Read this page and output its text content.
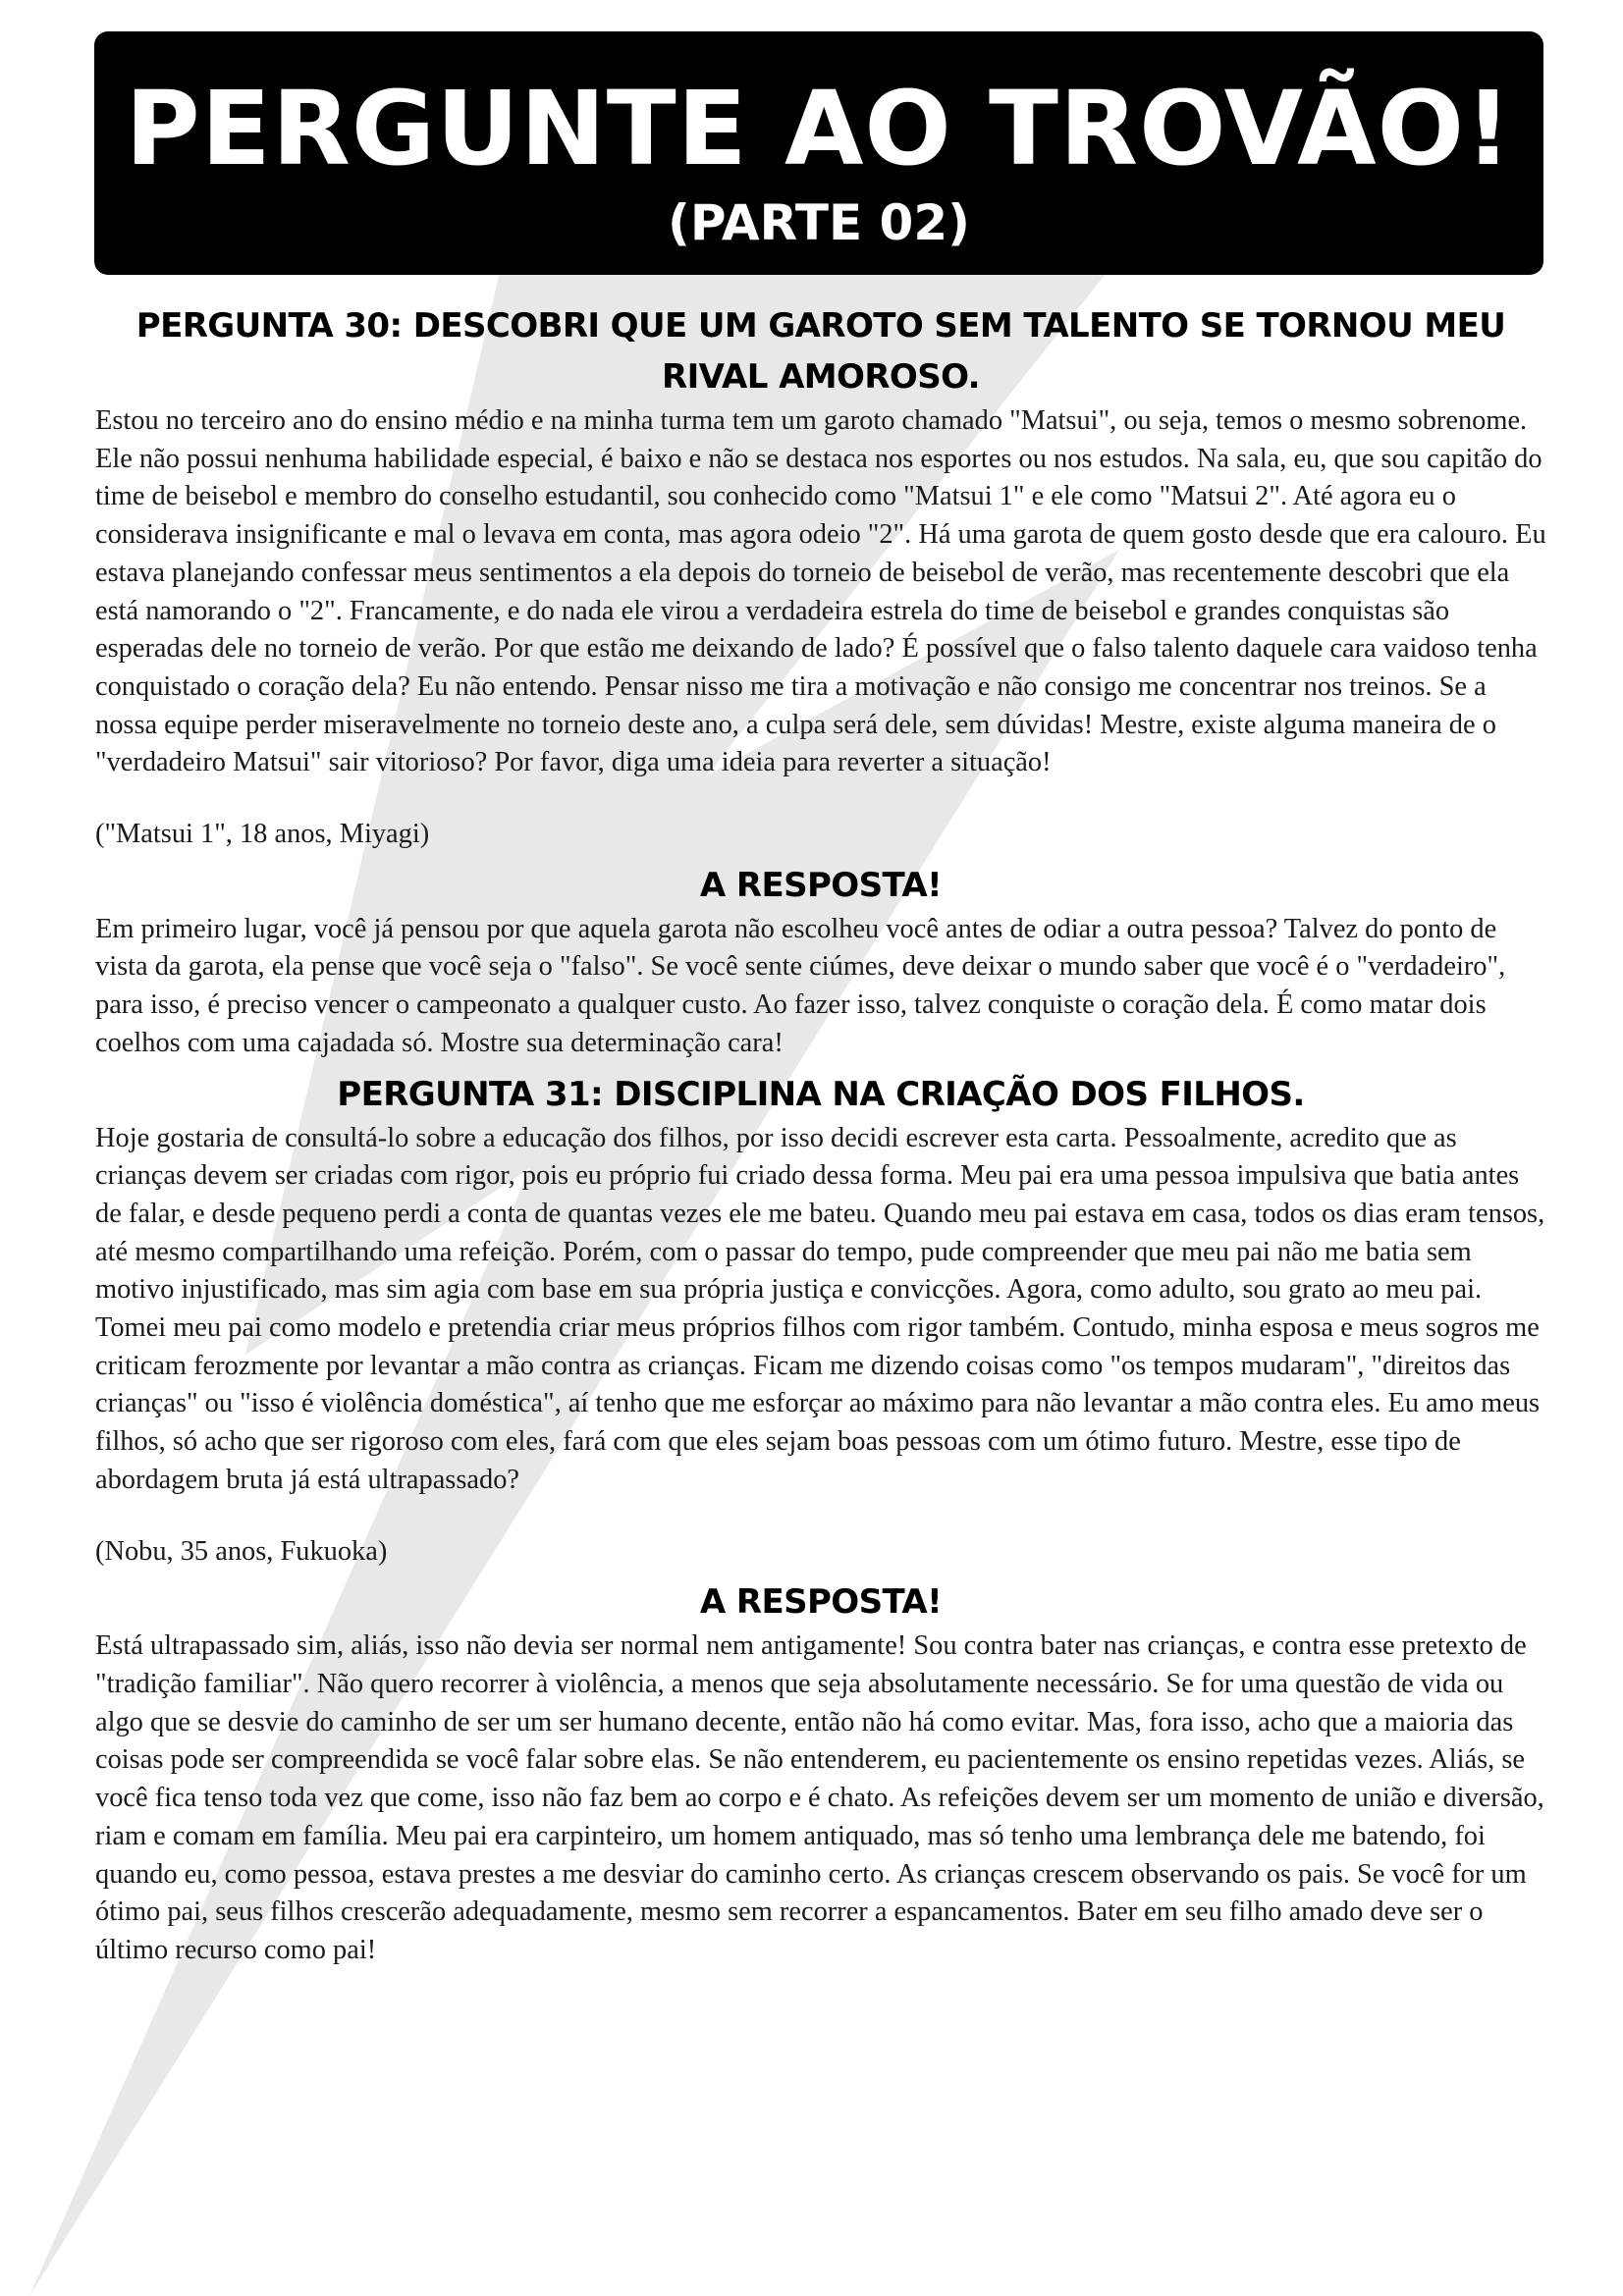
PERGUNTE AO TROVÃO!
(PARTE 02)
PERGUNTA 30: DESCOBRI QUE UM GAROTO SEM TALENTO SE TORNOU MEU RIVAL AMOROSO.

Estou no terceiro ano do ensino médio e na minha turma tem um garoto chamado "Matsui", ou seja, temos o mesmo sobrenome. Ele não possui nenhuma habilidade especial, é baixo e não se destaca nos esportes ou nos estudos. Na sala, eu, que sou capitão do time de beisebol e membro do conselho estudantil, sou conhecido como "Matsui 1" e ele como "Matsui 2". Até agora eu o considerava insignificante e mal o levava em conta, mas agora odeio "2". Há uma garota de quem gosto desde que era calouro. Eu estava planejando confessar meus sentimentos a ela depois do torneio de beisebol de verão, mas recentemente descobri que ela está namorando o "2". Francamente, e do nada ele virou a verdadeira estrela do time de beisebol e grandes conquistas são esperadas dele no torneio de verão. Por que estão me deixando de lado? É possível que o falso talento daquele cara vaidoso tenha conquistado o coração dela? Eu não entendo. Pensar nisso me tira a motivação e não consigo me concentrar nos treinos. Se a nossa equipe perder miseravelmente no torneio deste ano, a culpa será dele, sem dúvidas! Mestre, existe alguma maneira de o "verdadeiro Matsui" sair vitorioso? Por favor, diga uma ideia para reverter a situação!

("Matsui 1", 18 anos, Miyagi)

A RESPOSTA!

Em primeiro lugar, você já pensou por que aquela garota não escolheu você antes de odiar a outra pessoa? Talvez do ponto de vista da garota, ela pense que você seja o "falso". Se você sente ciúmes, deve deixar o mundo saber que você é o "verdadeiro", para isso, é preciso vencer o campeonato a qualquer custo. Ao fazer isso, talvez conquiste o coração dela. É como matar dois coelhos com uma cajadada só. Mostre sua determinação cara!

PERGUNTA 31: DISCIPLINA NA CRIAÇÃO DOS FILHOS.

Hoje gostaria de consultá-lo sobre a educação dos filhos, por isso decidi escrever esta carta. Pessoalmente, acredito que as crianças devem ser criadas com rigor, pois eu próprio fui criado dessa forma. Meu pai era uma pessoa impulsiva que batia antes de falar, e desde pequeno perdi a conta de quantas vezes ele me bateu. Quando meu pai estava em casa, todos os dias eram tensos, até mesmo compartilhando uma refeição. Porém, com o passar do tempo, pude compreender que meu pai não me batia sem motivo injustificado, mas sim agia com base em sua própria justiça e convicções. Agora, como adulto, sou grato ao meu pai. Tomei meu pai como modelo e pretendia criar meus próprios filhos com rigor também. Contudo, minha esposa e meus sogros me criticam ferozmente por levantar a mão contra as crianças. Ficam me dizendo coisas como "os tempos mudaram", "direitos das crianças" ou "isso é violência doméstica", aí tenho que me esforçar ao máximo para não levantar a mão contra eles. Eu amo meus filhos, só acho que ser rigoroso com eles, fará com que eles sejam boas pessoas com um ótimo futuro. Mestre, esse tipo de abordagem bruta já está ultrapassado?

(Nobu, 35 anos, Fukuoka)

A RESPOSTA!

Está ultrapassado sim, aliás, isso não devia ser normal nem antigamente! Sou contra bater nas crianças, e contra esse pretexto de "tradição familiar". Não quero recorrer à violência, a menos que seja absolutamente necessário. Se for uma questão de vida ou algo que se desvie do caminho de ser um ser humano decente, então não há como evitar. Mas, fora isso, acho que a maioria das coisas pode ser compreendida se você falar sobre elas. Se não entenderem, eu pacientemente os ensino repetidas vezes. Aliás, se você fica tenso toda vez que come, isso não faz bem ao corpo e é chato. As refeições devem ser um momento de união e diversão, riam e comam em família. Meu pai era carpinteiro, um homem antiquado, mas só tenho uma lembrança dele me batendo, foi quando eu, como pessoa, estava prestes a me desviar do caminho certo. As crianças crescem observando os pais. Se você for um ótimo pai, seus filhos crescerão adequadamente, mesmo sem recorrer a espancamentos. Bater em seu filho amado deve ser o último recurso como pai!
